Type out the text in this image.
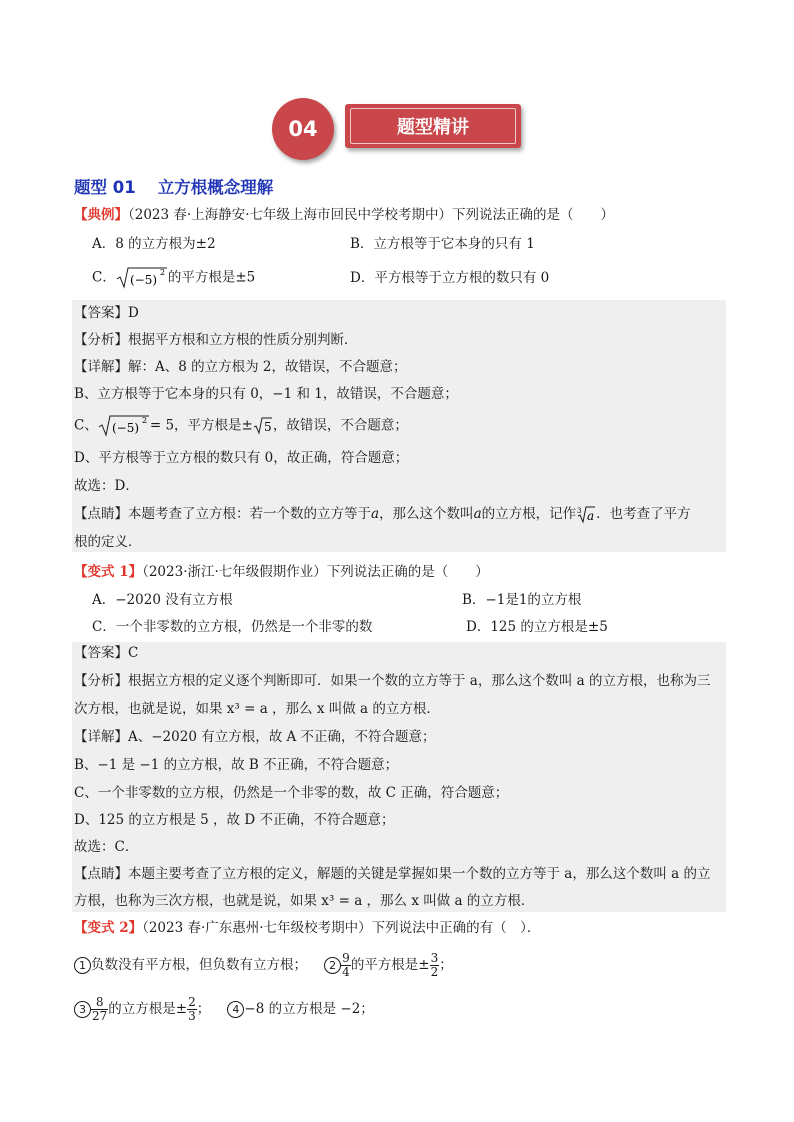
04	题型精讲
题型 01 立方根概念理解
【典例】（2023 春·上海静安·七年级上海市回民中学校考期中）下列说法正确的是（　　）
A．8 的立方根为±2	B．立方根等于它本身的只有 1
C． (−5)
2 的平方根是±5	D．平方根等于立方根的数只有 0
【答案】D
【分析】根据平方根和立方根的性质分别判断．
【详解】解：A、8 的立方根为 2，故错误，不合题意；
B、立方根等于它本身的只有 0，−1 和 1，故错误，不合题意；
C、 (−5)
2 = 5，平方根是± 5 ，故错误，不合题意；
D、平方根等于立方根的数只有 0，故正确，符合题意；
故选：D．
【点睛】本题考查了立方根：若一个数的立方等于a，那么这个数叫a的立方根，记作 3 a ．也考查了平方
根的定义．
【变式 1】（2023·浙江·七年级假期作业）下列说法正确的是（　　）
A．−2020 没有立方根	B．−1是1的立方根
C．一个非零数的立方根，仍然是一个非零的数	D．125 的立方根是±5
【答案】C
【分析】根据立方根的定义逐个判断即可．如果一个数的立方等于 a，那么这个数叫 a 的立方根，也称为三
次方根，也就是说，如果 x³ = a ，那么 x 叫做 a 的立方根．
【详解】A、−2020 有立方根，故 A 不正确，不符合题意；
B、−1 是 −1 的立方根，故 B 不正确，不符合题意；
C、一个非零数的立方根，仍然是一个非零的数，故 C 正确，符合题意；
D、125 的立方根是 5 ，故 D 不正确，不符合题意；
故选：C．
【点睛】本题主要考查了立方根的定义，解题的关键是掌握如果一个数的立方等于 a，那么这个数叫 a 的立
方根，也称为三次方根，也就是说，如果 x³ = a ，那么 x 叫做 a 的立方根．
【变式 2】（2023 春·广东惠州·七年级校考期中）下列说法中正确的有（　）．
1 负数没有平方根，但负数有立方根； $2 \frac{9}{4}$ 的平方根是± $\frac{3}{2}$ ；
$3 \frac{8}{27}$ 的立方根是± $\frac{2}{3}$ ； 4 −8 的立方根是 −2；
